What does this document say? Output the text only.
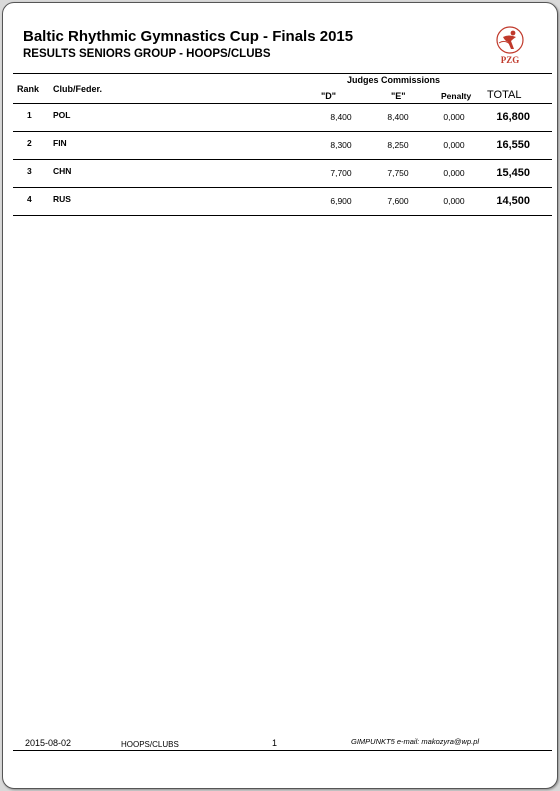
Baltic Rhythmic Gymnastics Cup - Finals 2015
RESULTS SENIORS GROUP - HOOPS/CLUBS	PZG
Rank Club/Feder.
Judges Commissions
"D"	"E"	Penalty TOTAL
1	POL	8,400	8,400	0,000	16,800
2	FIN	8,300	8,250	0,000	16,550
3	CHN	7,700	7,750	0,000	15,450
4	RUS	6,900	7,600	0,000	14,500
2015-08-02	HOOPS/CLUBS	1	GIMPUNKT5 e-mail: makozyra@wp.pl
